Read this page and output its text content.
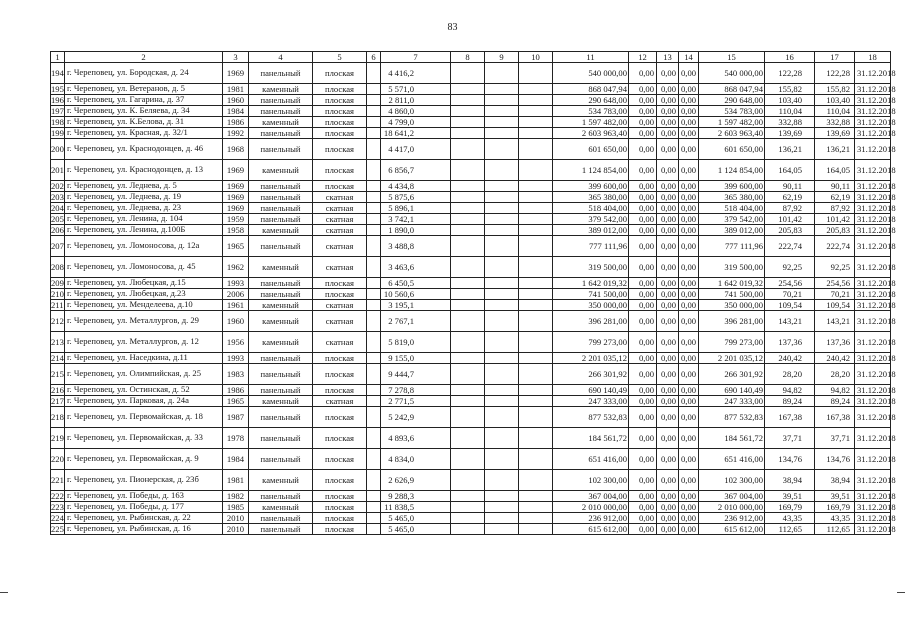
83
1	2	3	4	5	6	7	8	9	10	11	12	13	14	15	16	17	18
194	г. Череповец, ул. Бородская, д. 24	1969	панельный	плоская		4 416,2				540 000,00	0,00	0,00	0,00	540 000,00	122,28	122,28	31.12.2018
195	г. Череповец, ул. Ветеранов, д. 5	1981	каменный	плоская		5 571,0				868 047,94	0,00	0,00	0,00	868 047,94	155,82	155,82	31.12.2018
196	г. Череповец, ул. Гагарина, д. 37	1960	панельный	плоская		2 811,0				290 648,00	0,00	0,00	0,00	290 648,00	103,40	103,40	31.12.2018
197	г. Череповец, ул. К. Беляева, д. 34	1984	панельный	плоская		4 860,0				534 783,00	0,00	0,00	0,00	534 783,00	110,04	110,04	31.12.2018
198	г. Череповец, ул. К.Белова, д. 31	1986	каменный	плоская		4 799,0				1 597 482,00	0,00	0,00	0,00	1 597 482,00	332,88	332,88	31.12.2018
199	г. Череповец, ул. Красная, д. 32/1	1992	панельный	плоская		18 641,2				2 603 963,40	0,00	0,00	0,00	2 603 963,40	139,69	139,69	31.12.2018
200	г. Череповец, ул. Краснодонцев, д. 46	1968	панельный	плоская		4 417,0				601 650,00	0,00	0,00	0,00	601 650,00	136,21	136,21	31.12.2018
201	г. Череповец, ул. Краснодонцев, д. 13	1969	каменный	плоская		6 856,7				1 124 854,00	0,00	0,00	0,00	1 124 854,00	164,05	164,05	31.12.2018
202	г. Череповец, ул. Леднева, д. 5	1969	панельный	плоская		4 434,8				399 600,00	0,00	0,00	0,00	399 600,00	90,11	90,11	31.12.2018
203	г. Череповец, ул. Леднева, д. 19	1969	панельный	скатная		5 875,6				365 380,00	0,00	0,00	0,00	365 380,00	62,19	62,19	31.12.2018
204	г. Череповец, ул. Леднева, д. 23	1969	панельный	скатная		5 896,1				518 404,00	0,00	0,00	0,00	518 404,00	87,92	87,92	31.12.2018
205	г. Череповец, ул. Ленина, д. 104	1959	панельный	скатная		3 742,1				379 542,00	0,00	0,00	0,00	379 542,00	101,42	101,42	31.12.2018
206	г. Череповец, ул. Ленина, д.100Б	1958	каменный	скатная		1 890,0				389 012,00	0,00	0,00	0,00	389 012,00	205,83	205,83	31.12.2018
207	г. Череповец, ул. Ломоносова, д. 12а	1965	панельный	скатная		3 488,8				777 111,96	0,00	0,00	0,00	777 111,96	222,74	222,74	31.12.2018
208	г. Череповец, ул. Ломоносова, д. 45	1962	каменный	скатная		3 463,6				319 500,00	0,00	0,00	0,00	319 500,00	92,25	92,25	31.12.2018
209	г. Череповец, ул. Любецкая, д.15	1993	панельный	плоская		6 450,5				1 642 019,32	0,00	0,00	0,00	1 642 019,32	254,56	254,56	31.12.2018
210	г. Череповец, ул. Любецкая, д.23	2006	панельный	плоская		10 560,6				741 500,00	0,00	0,00	0,00	741 500,00	70,21	70,21	31.12.2018
211	г. Череповец, ул. Менделеева, д.10	1961	каменный	скатная		3 195,1				350 000,00	0,00	0,00	0,00	350 000,00	109,54	109,54	31.12.2018
212	г. Череповец, ул. Металлургов, д. 29	1960	каменный	скатная		2 767,1				396 281,00	0,00	0,00	0,00	396 281,00	143,21	143,21	31.12.2018
213	г. Череповец, ул. Металлургов, д. 12	1956	каменный	скатная		5 819,0				799 273,00	0,00	0,00	0,00	799 273,00	137,36	137,36	31.12.2018
214	г. Череповец, ул. Наседкина, д.11	1993	панельный	плоская		9 155,0				2 201 035,12	0,00	0,00	0,00	2 201 035,12	240,42	240,42	31.12.2018
215	г. Череповец, ул. Олимпийская, д. 25	1983	панельный	плоская		9 444,7				266 301,92	0,00	0,00	0,00	266 301,92	28,20	28,20	31.12.2018
216	г. Череповец, ул. Остинская, д. 52	1986	панельный	плоская		7 278,8				690 140,49	0,00	0,00	0,00	690 140,49	94,82	94,82	31.12.2018
217	г. Череповец, ул. Парковая, д. 24а	1965	каменный	скатная		2 771,5				247 333,00	0,00	0,00	0,00	247 333,00	89,24	89,24	31.12.2018
218	г. Череповец, ул. Первомайская, д. 18	1987	панельный	плоская		5 242,9				877 532,83	0,00	0,00	0,00	877 532,83	167,38	167,38	31.12.2018
219	г. Череповец, ул. Первомайская, д. 33	1978	панельный	плоская		4 893,6				184 561,72	0,00	0,00	0,00	184 561,72	37,71	37,71	31.12.2018
220	г. Череповец, ул. Первомайская, д. 9	1984	панельный	плоская		4 834,0				651 416,00	0,00	0,00	0,00	651 416,00	134,76	134,76	31.12.2018
221	г. Череповец, ул. Пионерская, д. 23б	1981	каменный	плоская		2 626,9				102 300,00	0,00	0,00	0,00	102 300,00	38,94	38,94	31.12.2018
222	г. Череповец, ул. Победы, д. 163	1982	панельный	плоская		9 288,3				367 004,00	0,00	0,00	0,00	367 004,00	39,51	39,51	31.12.2018
223	г. Череповец, ул. Победы, д. 177	1985	каменный	плоская		11 838,5				2 010 000,00	0,00	0,00	0,00	2 010 000,00	169,79	169,79	31.12.2018
224	г. Череповец, ул. Рыбинская, д. 22	2010	панельный	плоская		5 465,0				236 912,00	0,00	0,00	0,00	236 912,00	43,35	43,35	31.12.2018
225	г. Череповец, ул. Рыбинская, д. 16	2010	панельный	плоская		5 465,0				615 612,00	0,00	0,00	0,00	615 612,00	112,65	112,65	31.12.2018
